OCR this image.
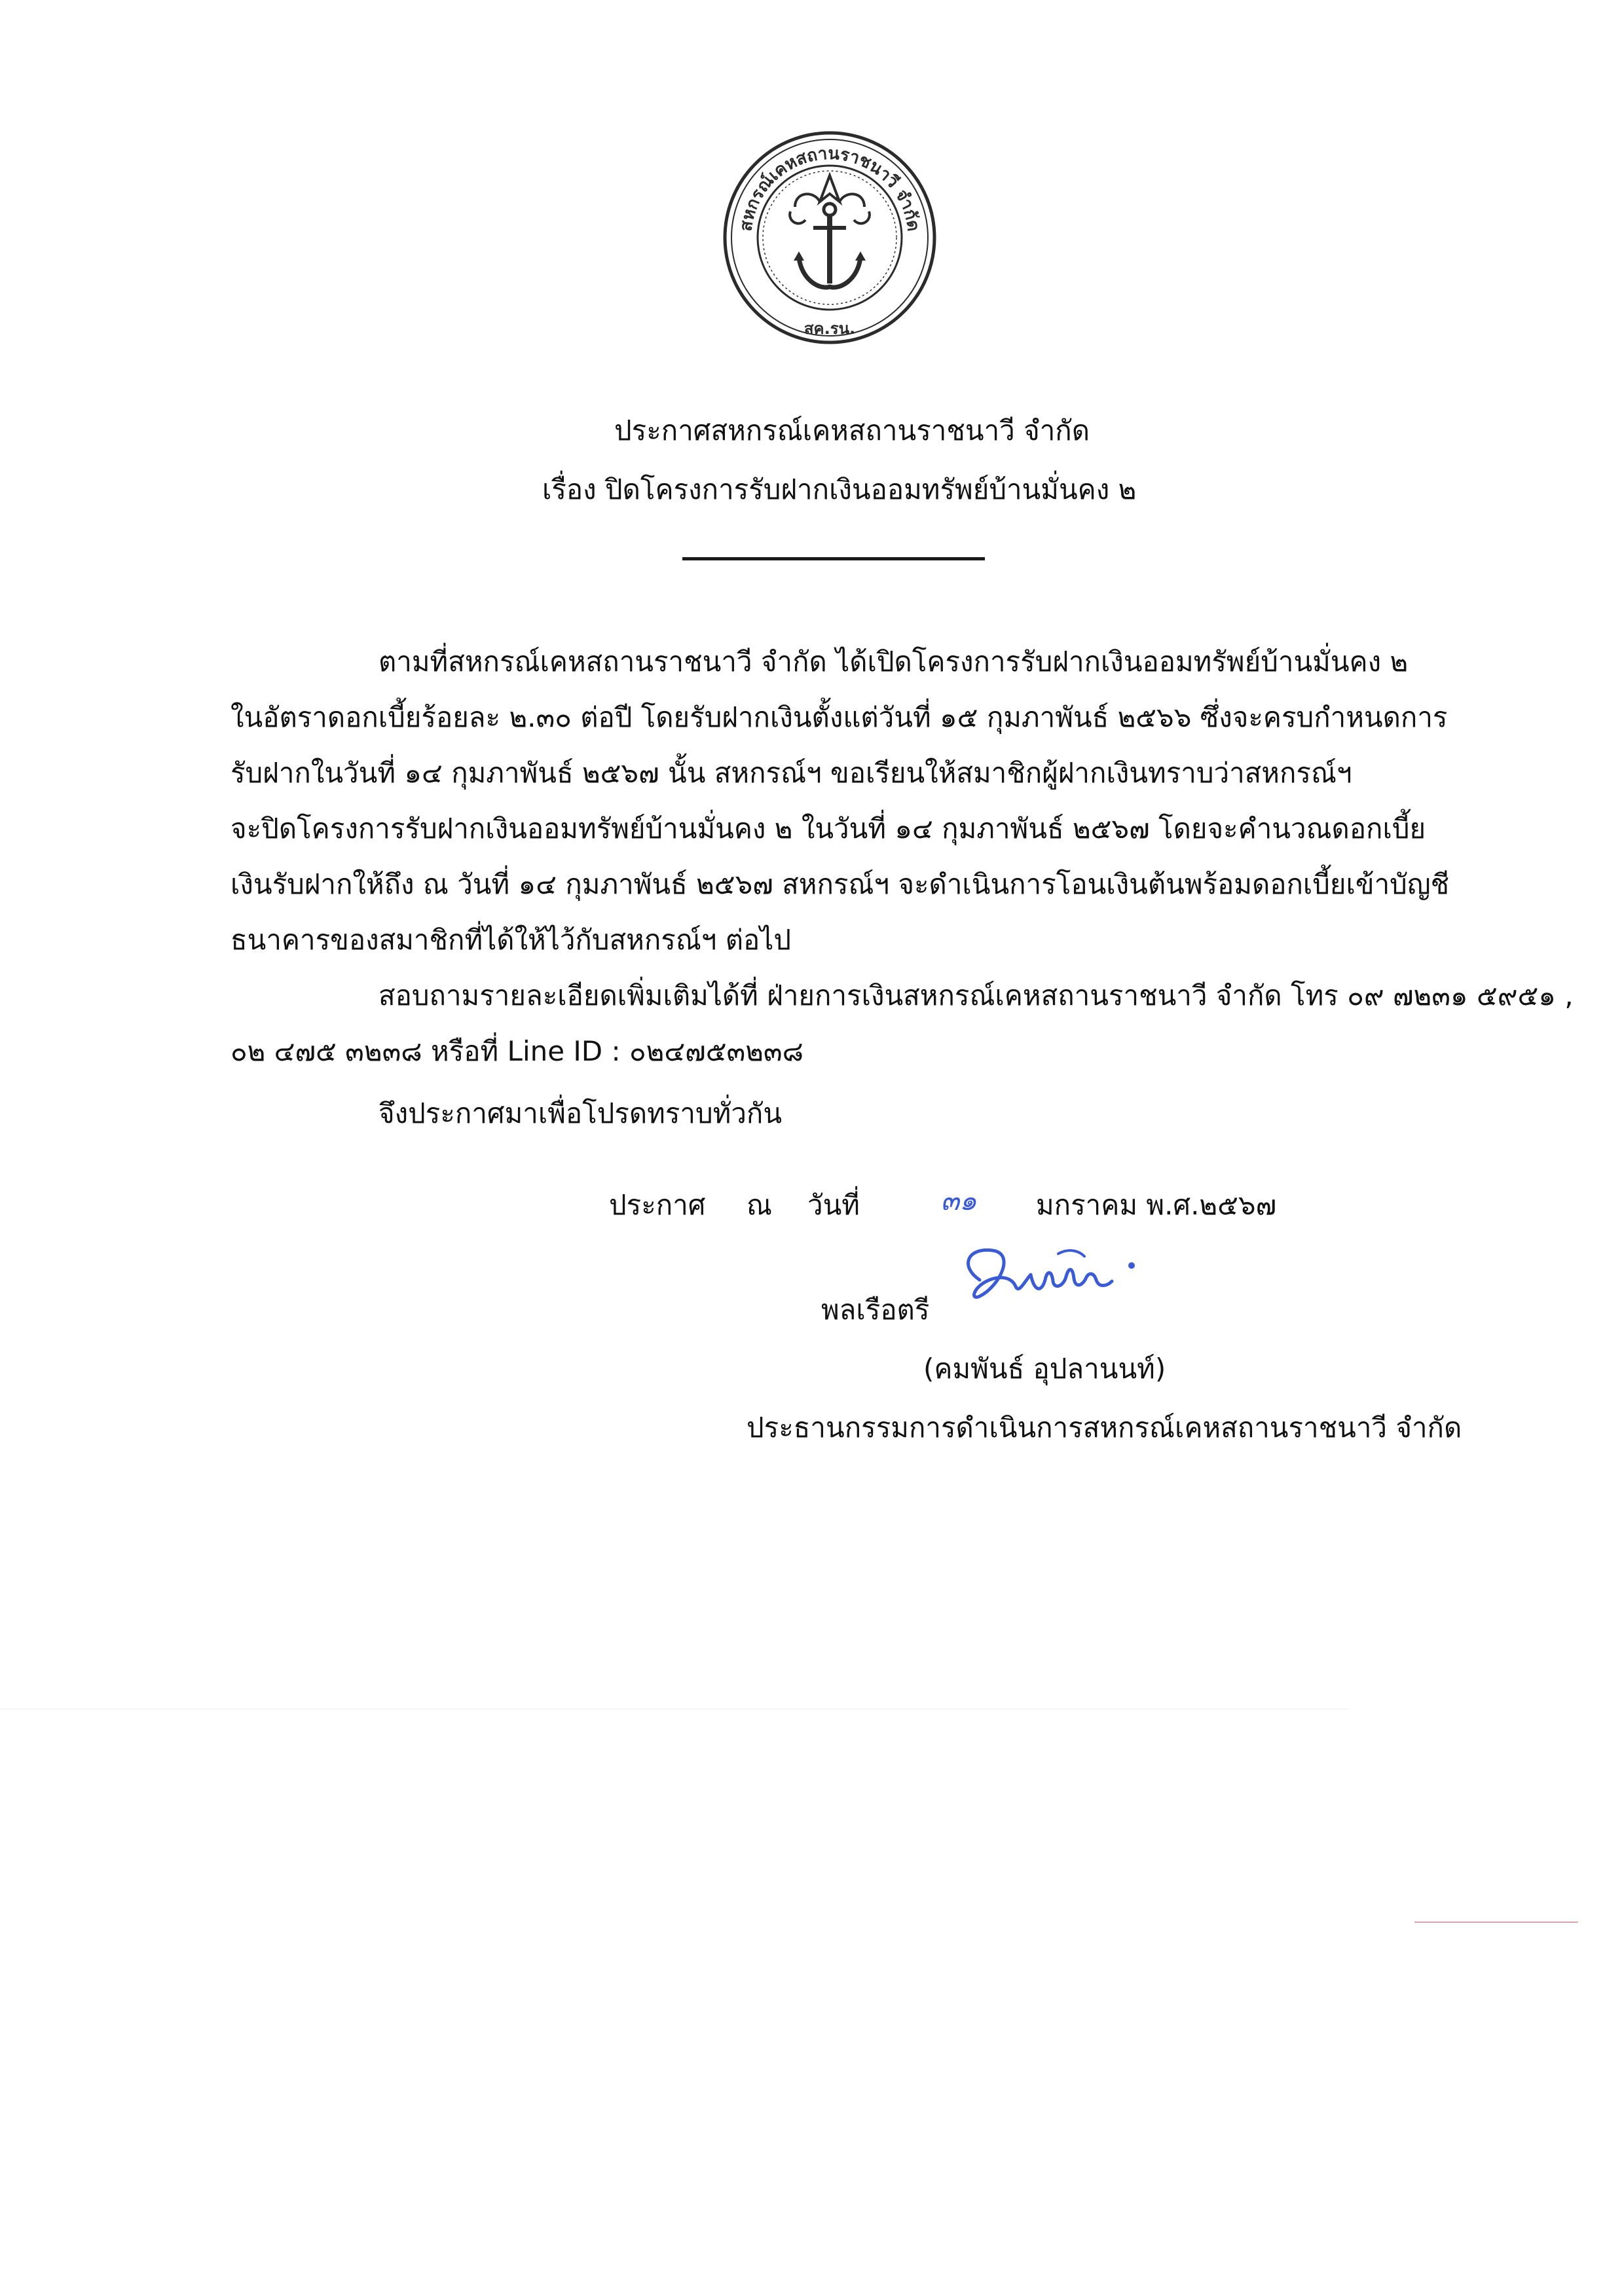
สหกรณ์เคหสถานราชนาวี จำกัด
สค.รน.
ประกาศสหกรณ์เคหสถานราชนาวี จำกัด
เรื่อง ปิดโครงการรับฝากเงินออมทรัพย์บ้านมั่นคง ๒
ตามที่สหกรณ์เคหสถานราชนาวี จำกัด ได้เปิดโครงการรับฝากเงินออมทรัพย์บ้านมั่นคง ๒
ในอัตราดอกเบี้ยร้อยละ ๒.๓๐ ต่อปี โดยรับฝากเงินตั้งแต่วันที่ ๑๕ กุมภาพันธ์ ๒๕๖๖ ซึ่งจะครบกำหนดการ
รับฝากในวันที่ ๑๔ กุมภาพันธ์ ๒๕๖๗ นั้น สหกรณ์ฯ ขอเรียนให้สมาชิกผู้ฝากเงินทราบว่าสหกรณ์ฯ
จะปิดโครงการรับฝากเงินออมทรัพย์บ้านมั่นคง ๒ ในวันที่ ๑๔ กุมภาพันธ์ ๒๕๖๗ โดยจะคำนวณดอกเบี้ย
เงินรับฝากให้ถึง ณ วันที่ ๑๔ กุมภาพันธ์ ๒๕๖๗ สหกรณ์ฯ จะดำเนินการโอนเงินต้นพร้อมดอกเบี้ยเข้าบัญชี
ธนาคารของสมาชิกที่ได้ให้ไว้กับสหกรณ์ฯ ต่อไป
สอบถามรายละเอียดเพิ่มเติมได้ที่ ฝ่ายการเงินสหกรณ์เคหสถานราชนาวี จำกัด โทร ๐๙ ๗๒๓๑ ๕๙๕๑ ,
๐๒ ๔๗๕ ๓๒๓๘ หรือที่ Line ID : ๐๒๔๗๕๓๒๓๘
จึงประกาศมาเพื่อโปรดทราบทั่วกัน
ประกาศ ณ วันที่	๓๑ มกราคม พ.ศ.๒๕๖๗
พลเรือตรี
(คมพันธ์ อุปลานนท์)
ประธานกรรมการดำเนินการสหกรณ์เคหสถานราชนาวี จำกัด
